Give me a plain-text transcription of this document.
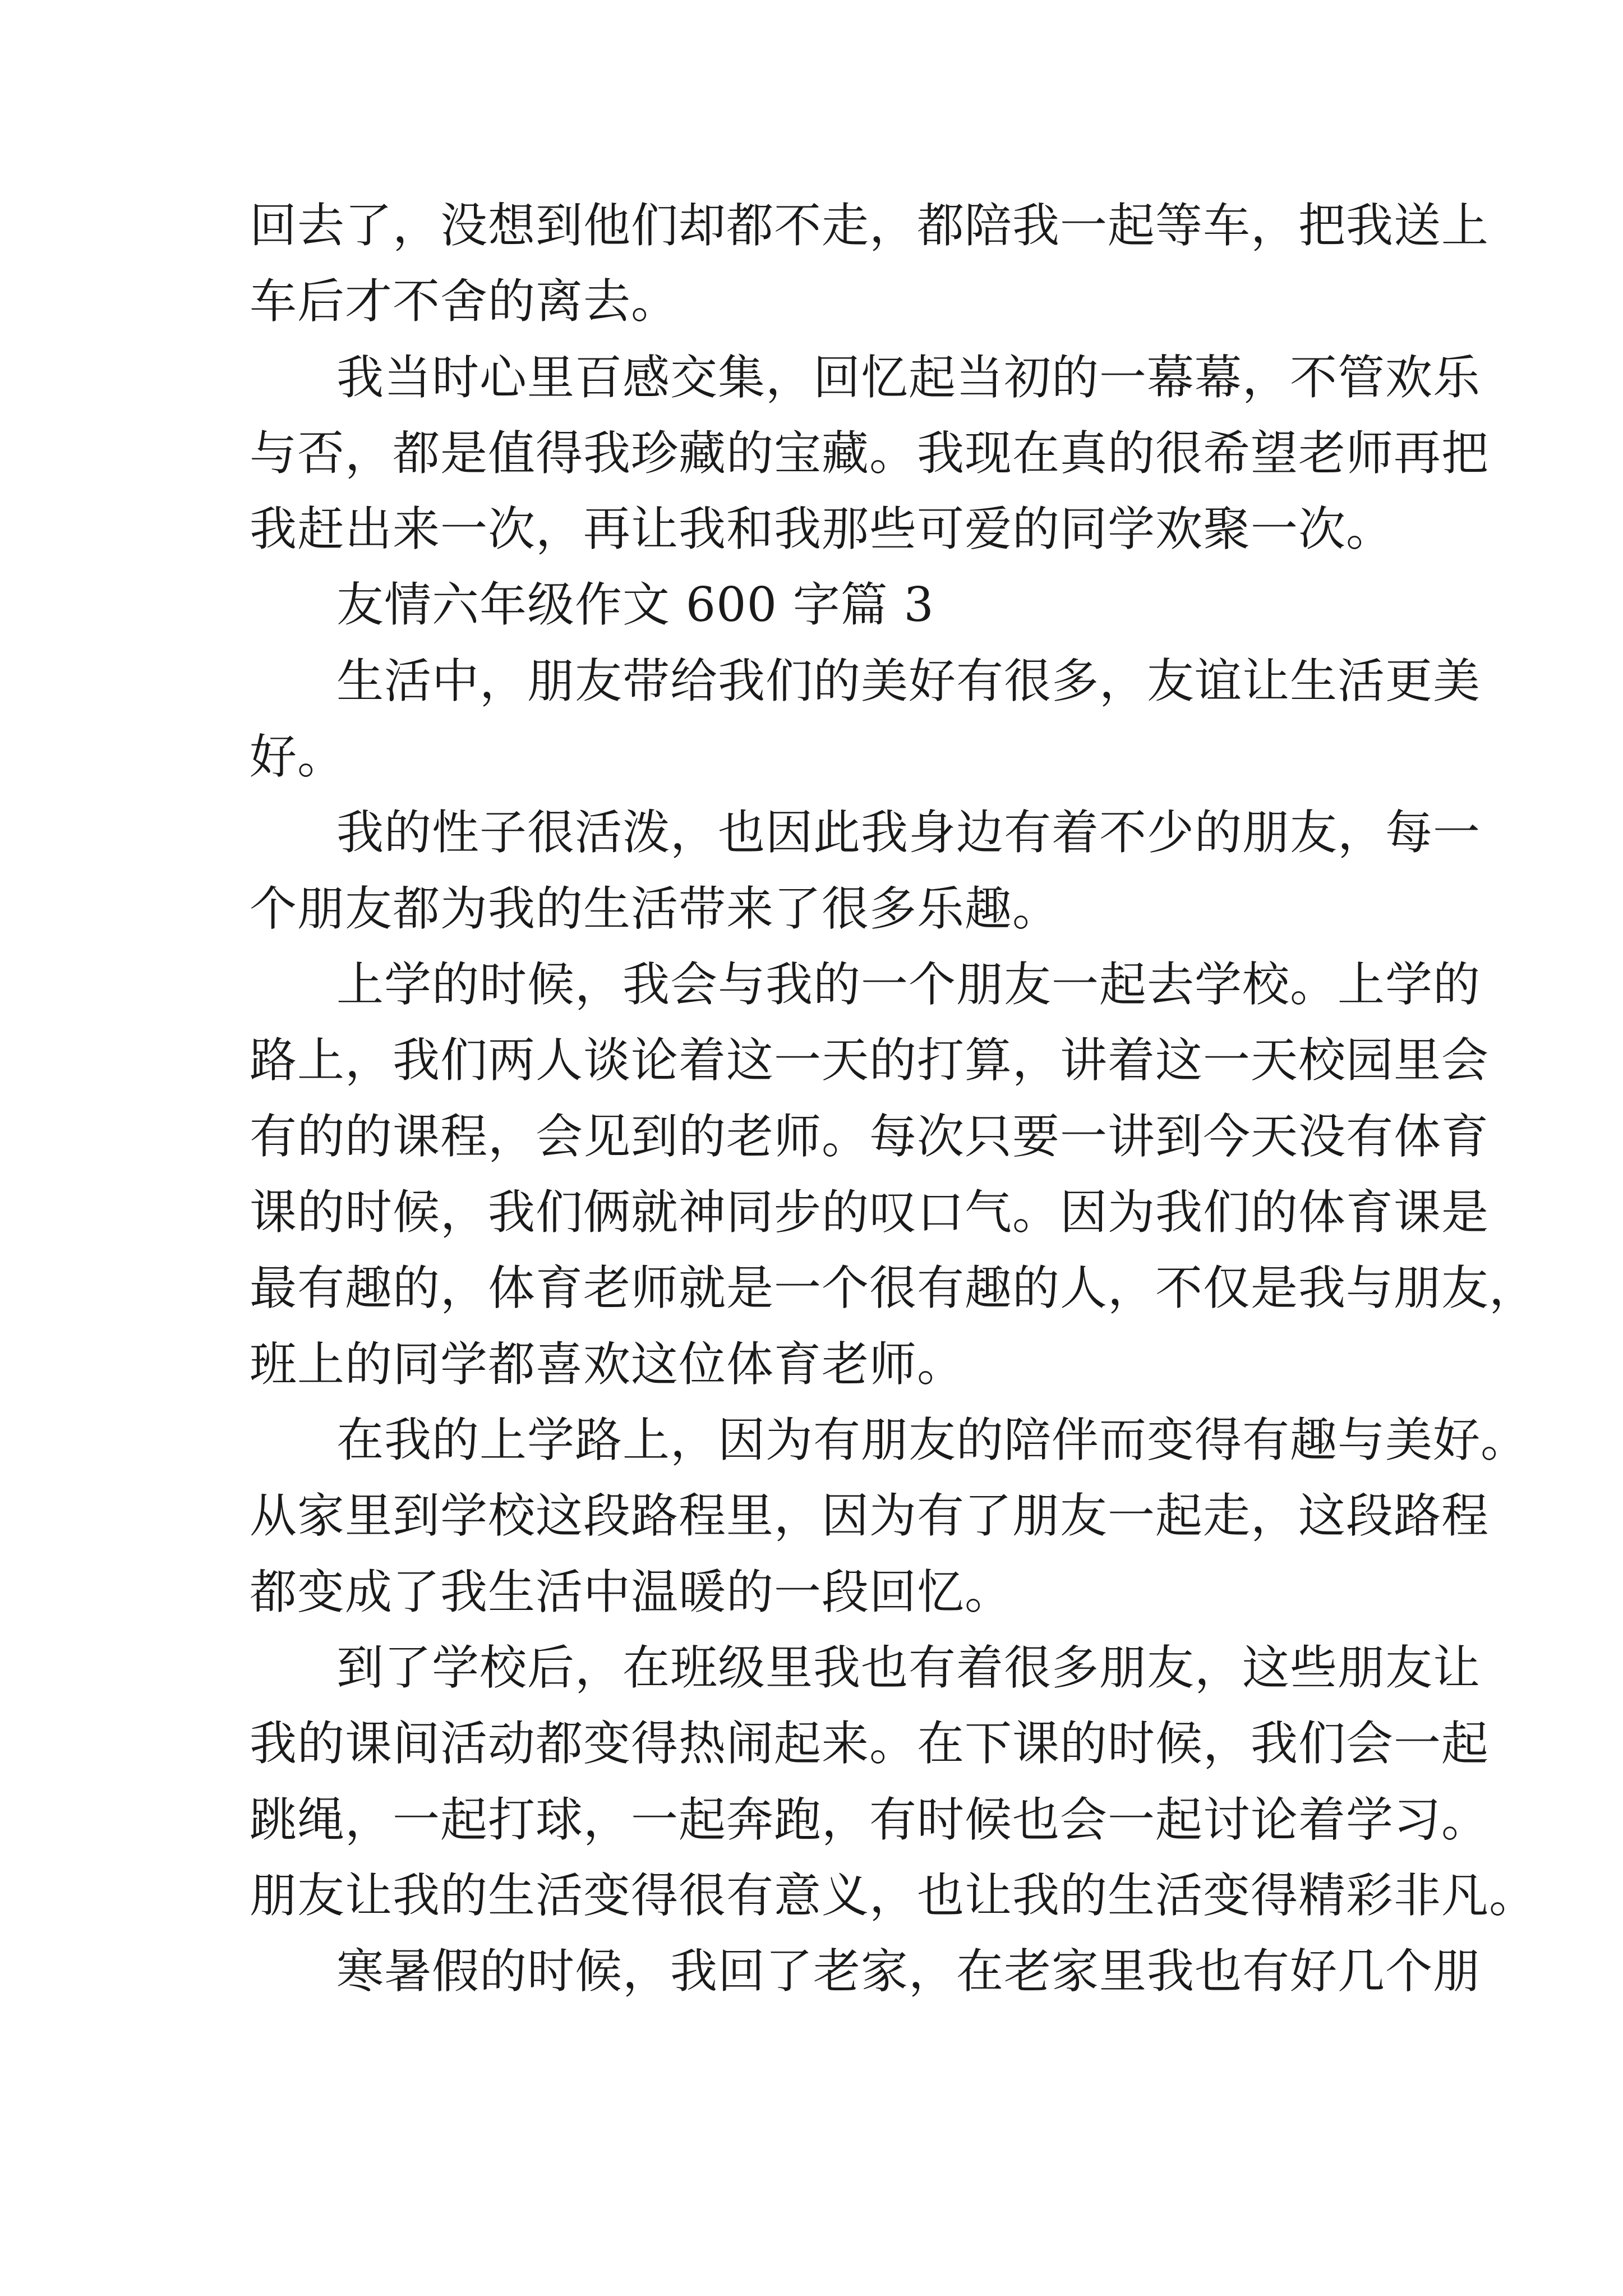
回去了，没想到他们却都不走，都陪我一起等车，把我送上
车后才不舍的离去。
我当时心里百感交集，回忆起当初的一幕幕，不管欢乐
与否，都是值得我珍藏的宝藏。我现在真的很希望老师再把
我赶出来一次，再让我和我那些可爱的同学欢聚一次。
友情六年级作文 600 字篇 3
生活中，朋友带给我们的美好有很多，友谊让生活更美
好。
我的性子很活泼，也因此我身边有着不少的朋友，每一
个朋友都为我的生活带来了很多乐趣。
上学的时候，我会与我的一个朋友一起去学校。上学的
路上，我们两人谈论着这一天的打算，讲着这一天校园里会
有的的课程，会见到的老师。每次只要一讲到今天没有体育
课的时候，我们俩就神同步的叹口气。因为我们的体育课是
最有趣的，体育老师就是一个很有趣的人，不仅是我与朋友，
班上的同学都喜欢这位体育老师。
在我的上学路上，因为有朋友的陪伴而变得有趣与美好。
从家里到学校这段路程里，因为有了朋友一起走，这段路程
都变成了我生活中温暖的一段回忆。
到了学校后，在班级里我也有着很多朋友，这些朋友让
我的课间活动都变得热闹起来。在下课的时候，我们会一起
跳绳，一起打球，一起奔跑，有时候也会一起讨论着学习。
朋友让我的生活变得很有意义，也让我的生活变得精彩非凡。
寒暑假的时候，我回了老家，在老家里我也有好几个朋
